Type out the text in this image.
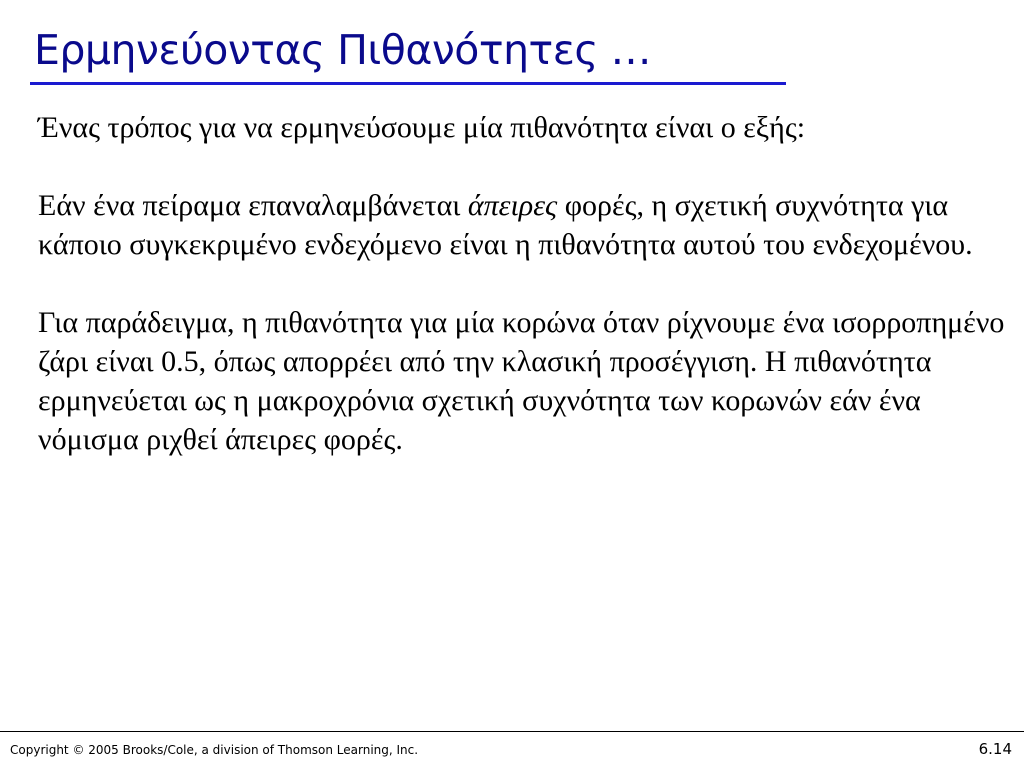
Ερμηνεύοντας Πιθανότητες …

Ένας τρόπος για να ερμηνεύσουμε μία πιθανότητα είναι ο εξής:

Εάν ένα πείραμα επαναλαμβάνεται άπειρες φορές, η σχετική συχνότητα για κάποιο συγκεκριμένο ενδεχόμενο είναι η πιθανότητα αυτού του ενδεχομένου.

Για παράδειγμα, η πιθανότητα για μία κορώνα όταν ρίχνουμε ένα ισορροπημένο ζάρι είναι 0.5, όπως απορρέει από την κλασική προσέγγιση. Η πιθανότητα ερμηνεύεται ως η μακροχρόνια σχετική συχνότητα των κορωνών εάν ένα νόμισμα ριχθεί άπειρες φορές.

Copyright © 2005 Brooks/Cole, a division of Thomson Learning, Inc.	6.14
